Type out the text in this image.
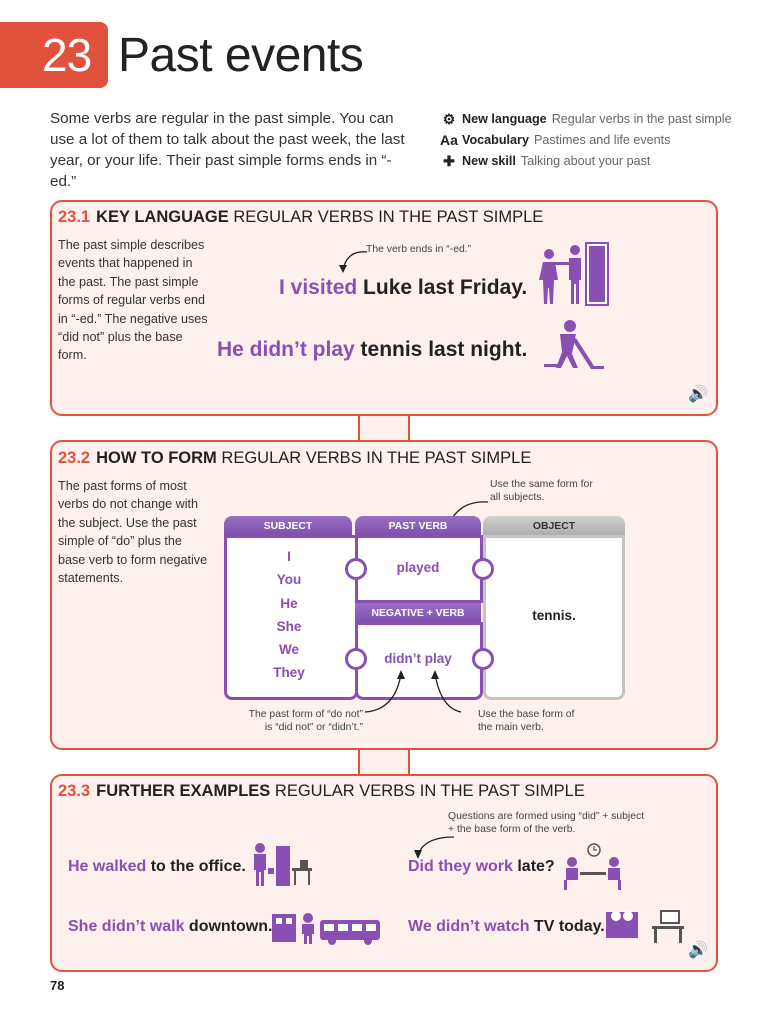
23 Past events
Some verbs are regular in the past simple. You can use a lot of them to talk about the past week, the last year, or your life. Their past simple forms ends in “-ed.”
⚙ New language Regular verbs in the past simple
Aa Vocabulary Pastimes and life events
✚ New skill Talking about your past
23.1 KEY LANGUAGE REGULAR VERBS IN THE PAST SIMPLE
The past simple describes events that happened in the past. The past simple forms of regular verbs end in “-ed.” The negative uses “did not” plus the base form.
The verb ends in “-ed.”
I visited Luke last Friday.
He didn’t play tennis last night.
🔊
23.2 HOW TO FORM REGULAR VERBS IN THE PAST SIMPLE
The past forms of most verbs do not change with the subject. Use the past simple of “do” plus the base verb to form negative statements.
Use the same form for all subjects.
SUBJECT
I
You
He
She
We
They
PAST VERB
played
NEGATIVE + VERB
didn’t play
OBJECT
tennis.
The past form of “do not” is “did not” or “didn’t.”
Use the base form of the main verb.
23.3 FURTHER EXAMPLES REGULAR VERBS IN THE PAST SIMPLE
Questions are formed using “did” + subject + the base form of the verb.
He walked to the office.
She didn’t walk downtown.
Did they work late?
We didn’t watch TV today.
🔊
78
